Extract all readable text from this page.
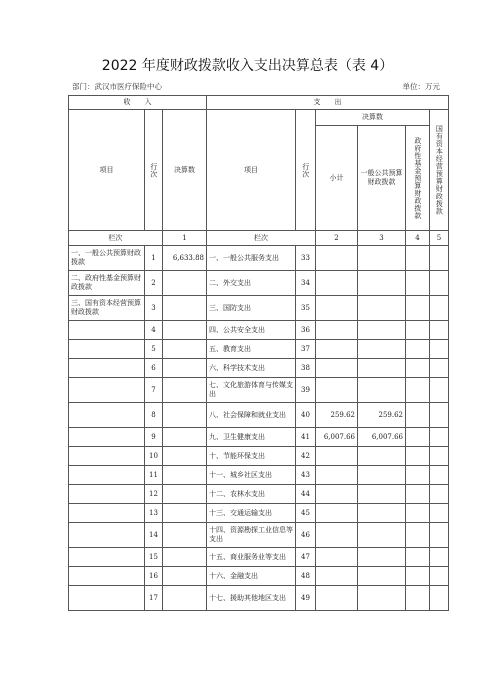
2022 年度财政拨款收入支出决算总表（表 4）
部门：武汉市医疗保险中心	单位：万元
收　　入			支　　出					
项目	行次	决算数	项目	行次	决算数			国有资本经营预算财政拨款

					小计	一般公共预算财政拨款	政府性基金预算财政拨款	

栏次		1	栏次		2	3	4	5
一、一般公共预算财政拨款	1	6,633.88	一、一般公共服务支出	33				
二、政府性基金预算财政拨款	2		二、外交支出	34				
三、国有资本经营预算财政拨款	3		三、国防支出	35				
	4		四、公共安全支出	36				
	5		五、教育支出	37				
	6		六、科学技术支出	38				
	7		七、文化旅游体育与传媒支出	39				
	8		八、社会保障和就业支出	40	259.62	259.62		
	9		九、卫生健康支出	41	6,007.66	6,007.66		
	10		十、节能环保支出	42				
	11		十一、城乡社区支出	43				
	12		十二、农林水支出	44				
	13		十三、交通运输支出	45				
	14		十四、资源勘探工业信息等支出	46				
	15		十五、商业服务业等支出	47				
	16		十六、金融支出	48				
	17		十七、援助其他地区支出	49				
